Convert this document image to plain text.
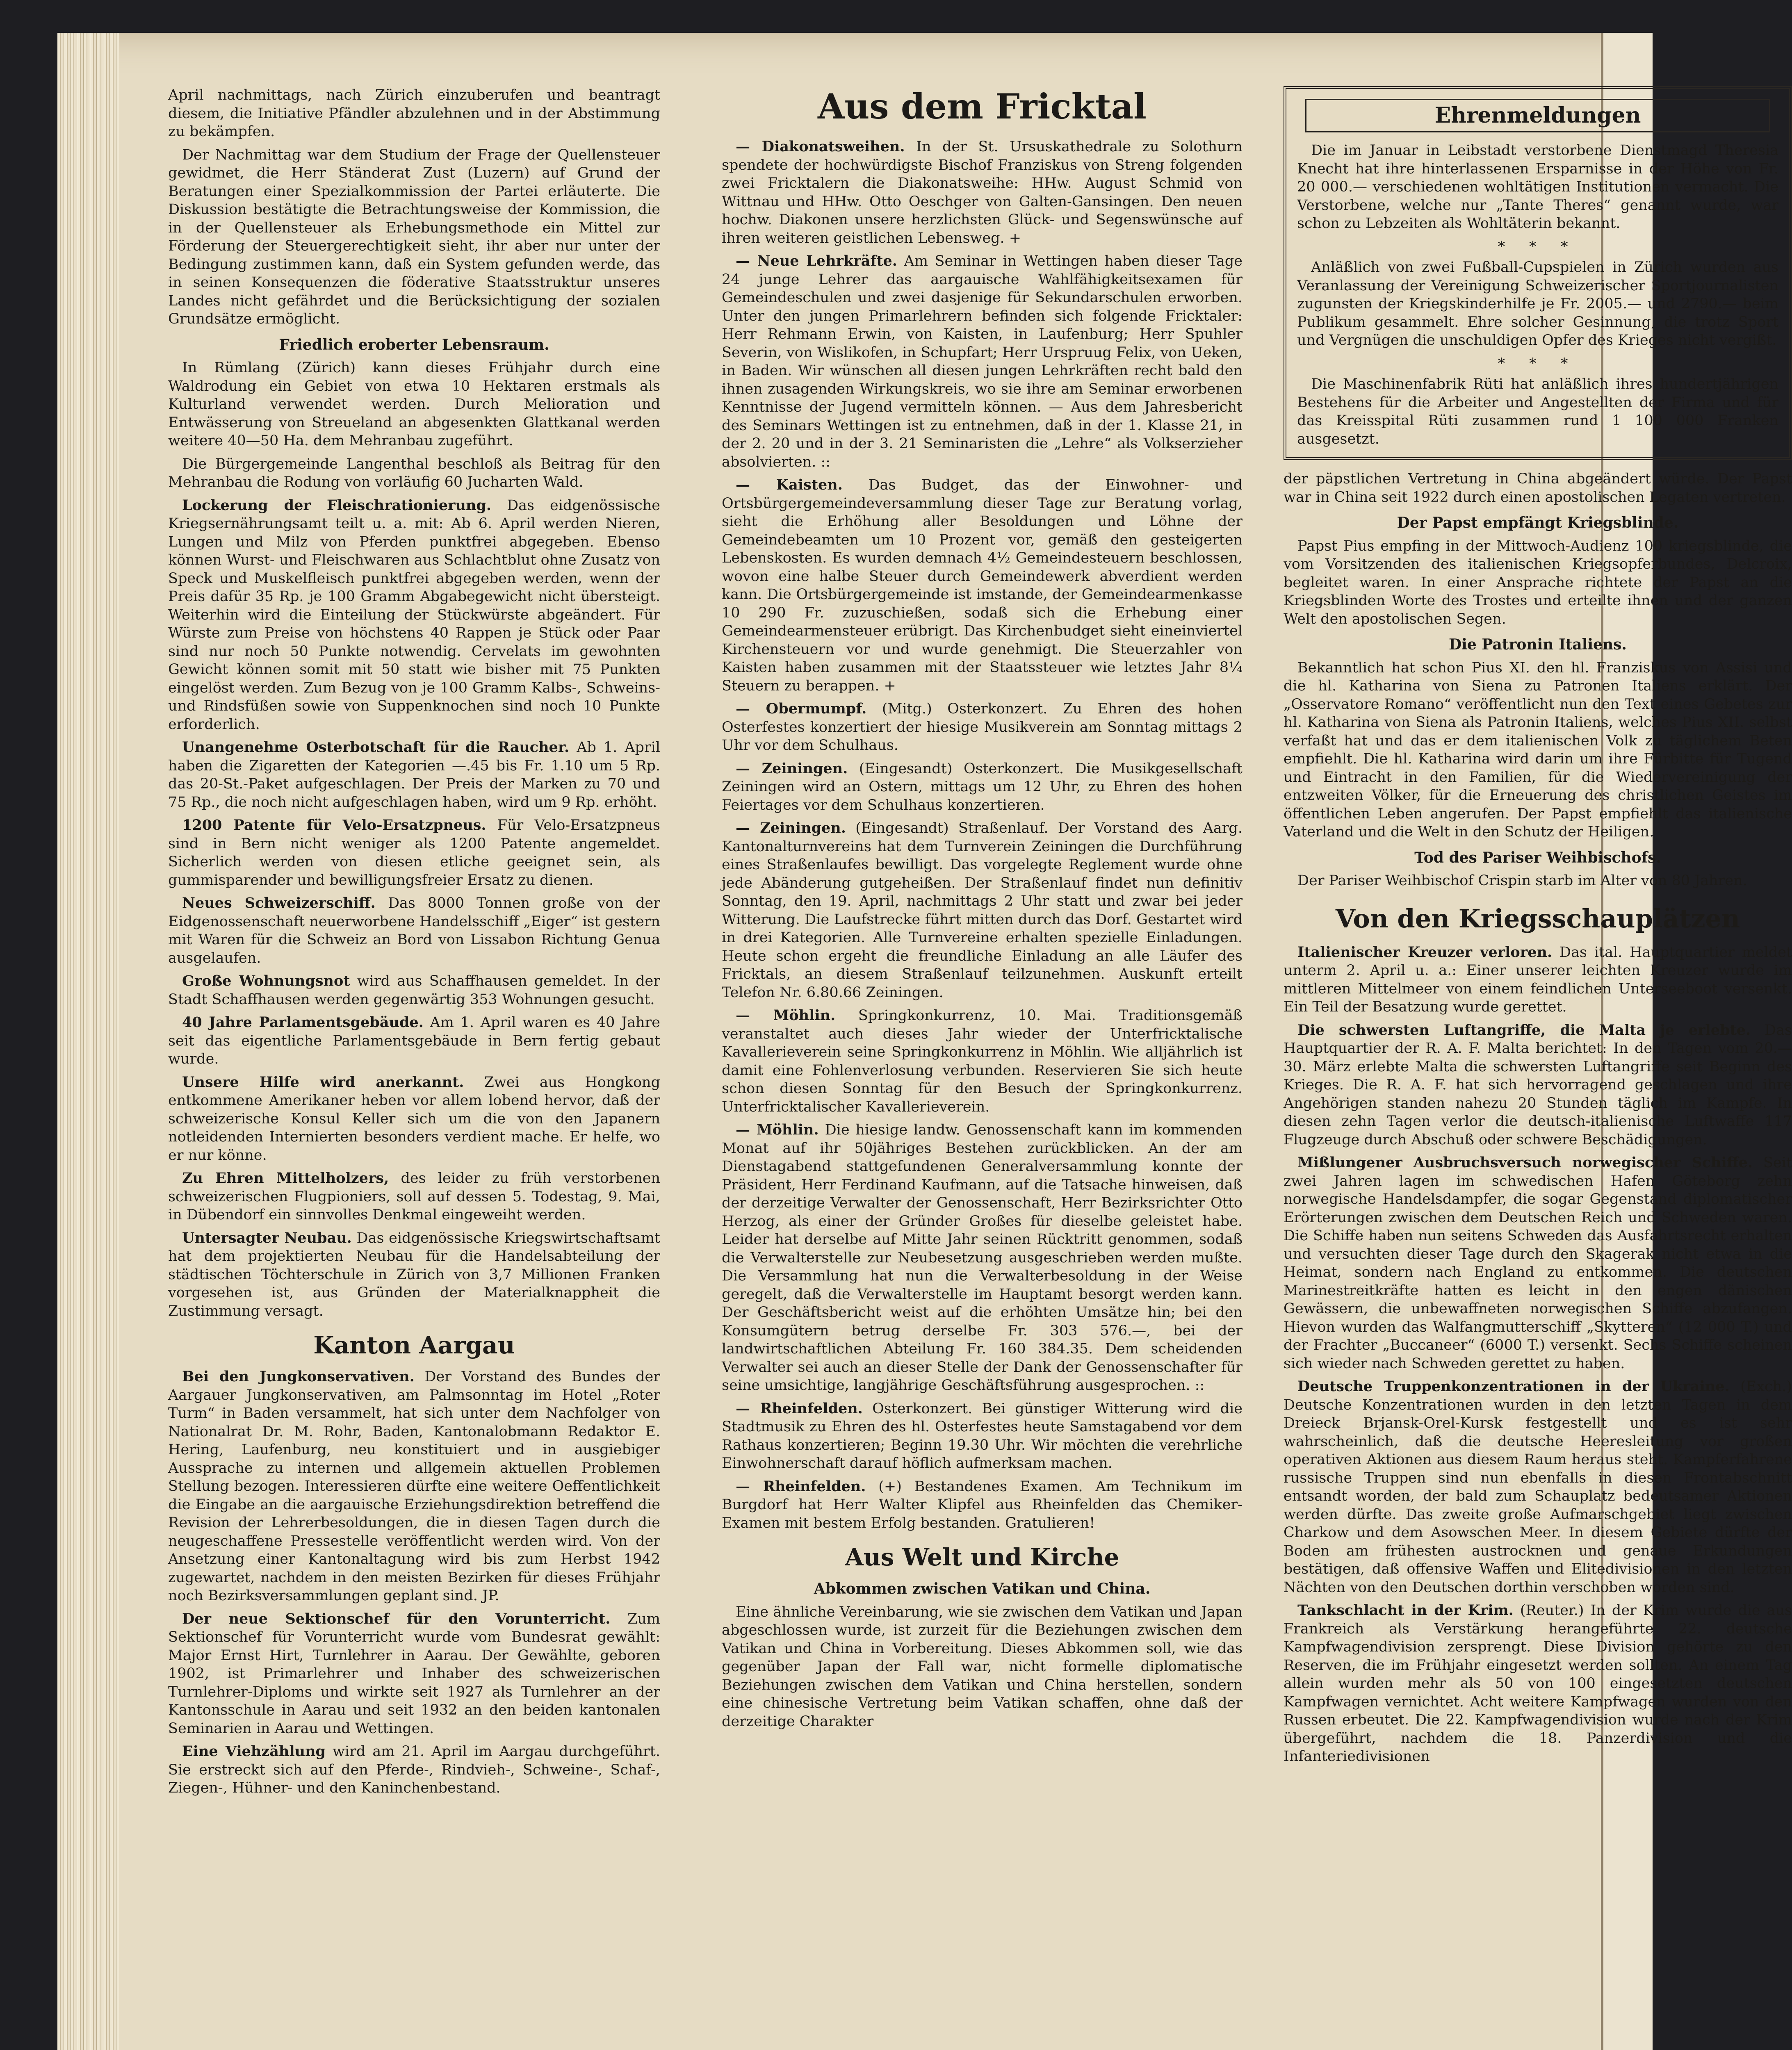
April nachmittags, nach Zürich einzuberufen und beantragt diesem, die Initiative Pfändler abzulehnen und in der Abstimmung zu bekämpfen.

Der Nachmittag war dem Studium der Frage der Quellensteuer gewidmet, die Herr Ständerat Zust (Luzern) auf Grund der Beratungen einer Spezialkommission der Partei erläuterte. Die Diskussion bestätigte die Betrachtungsweise der Kommission, die in der Quellensteuer als Erhebungsmethode ein Mittel zur Förderung der Steuergerechtigkeit sieht, ihr aber nur unter der Bedingung zustimmen kann, daß ein System gefunden werde, das in seinen Konsequenzen die föderative Staatsstruktur unseres Landes nicht gefährdet und die Berücksichtigung der sozialen Grundsätze ermöglicht.

Friedlich eroberter Lebensraum.

In Rümlang (Zürich) kann dieses Frühjahr durch eine Waldrodung ein Gebiet von etwa 10 Hektaren erstmals als Kulturland verwendet werden. Durch Melioration und Entwässerung von Streueland an abgesenkten Glattkanal werden weitere 40—50 Ha. dem Mehranbau zugeführt.

Die Bürgergemeinde Langenthal beschloß als Beitrag für den Mehranbau die Rodung von vorläufig 60 Jucharten Wald.

Lockerung der Fleischrationierung. Das eidgenössische Kriegsernährungsamt teilt u. a. mit: Ab 6. April werden Nieren, Lungen und Milz von Pferden punktfrei abgegeben. Ebenso können Wurst- und Fleischwaren aus Schlachtblut ohne Zusatz von Speck und Muskelfleisch punktfrei abgegeben werden, wenn der Preis dafür 35 Rp. je 100 Gramm Abgabegewicht nicht übersteigt. Weiterhin wird die Einteilung der Stückwürste abgeändert. Für Würste zum Preise von höchstens 40 Rappen je Stück oder Paar sind nur noch 50 Punkte notwendig. Cervelats im gewohnten Gewicht können somit mit 50 statt wie bisher mit 75 Punkten eingelöst werden. Zum Bezug von je 100 Gramm Kalbs-, Schweins- und Rindsfüßen sowie von Suppenknochen sind noch 10 Punkte erforderlich.

Unangenehme Osterbotschaft für die Raucher. Ab 1. April haben die Zigaretten der Kategorien —.45 bis Fr. 1.10 um 5 Rp. das 20-St.-Paket aufgeschlagen. Der Preis der Marken zu 70 und 75 Rp., die noch nicht aufgeschlagen haben, wird um 9 Rp. erhöht.

1200 Patente für Velo-Ersatzpneus. Für Velo-Ersatzpneus sind in Bern nicht weniger als 1200 Patente angemeldet. Sicherlich werden von diesen etliche geeignet sein, als gummisparender und bewilligungsfreier Ersatz zu dienen.

Neues Schweizerschiff. Das 8000 Tonnen große von der Eidgenossenschaft neuerworbene Handelsschiff „Eiger“ ist gestern mit Waren für die Schweiz an Bord von Lissabon Richtung Genua ausgelaufen.

Große Wohnungsnot wird aus Schaffhausen gemeldet. In der Stadt Schaffhausen werden gegenwärtig 353 Wohnungen gesucht.

40 Jahre Parlamentsgebäude. Am 1. April waren es 40 Jahre seit das eigentliche Parlamentsgebäude in Bern fertig gebaut wurde.

Unsere Hilfe wird anerkannt. Zwei aus Hongkong entkommene Amerikaner heben vor allem lobend hervor, daß der schweizerische Konsul Keller sich um die von den Japanern notleidenden Internierten besonders verdient mache. Er helfe, wo er nur könne.

Zu Ehren Mittelholzers, des leider zu früh verstorbenen schweizerischen Flugpioniers, soll auf dessen 5. Todestag, 9. Mai, in Dübendorf ein sinnvolles Denkmal eingeweiht werden.

Untersagter Neubau. Das eidgenössische Kriegswirtschaftsamt hat dem projektierten Neubau für die Handelsabteilung der städtischen Töchterschule in Zürich von 3,7 Millionen Franken vorgesehen ist, aus Gründen der Materialknappheit die Zustimmung versagt.

Kanton Aargau

Bei den Jungkonservativen. Der Vorstand des Bundes der Aargauer Jungkonservativen, am Palmsonntag im Hotel „Roter Turm“ in Baden versammelt, hat sich unter dem Nachfolger von Nationalrat Dr. M. Rohr, Baden, Kantonalobmann Redaktor E. Hering, Laufenburg, neu konstituiert und in ausgiebiger Aussprache zu internen und allgemein aktuellen Problemen Stellung bezogen. Interessieren dürfte eine weitere Oeffentlichkeit die Eingabe an die aargauische Erziehungsdirektion betreffend die Revision der Lehrerbesoldungen, die in diesen Tagen durch die neugeschaffene Pressestelle veröffentlicht werden wird. Von der Ansetzung einer Kantonaltagung wird bis zum Herbst 1942 zugewartet, nachdem in den meisten Bezirken für dieses Frühjahr noch Bezirksversammlungen geplant sind. JP.

Der neue Sektionschef für den Vorunterricht. Zum Sektionschef für Vorunterricht wurde vom Bundesrat gewählt: Major Ernst Hirt, Turnlehrer in Aarau. Der Gewählte, geboren 1902, ist Primarlehrer und Inhaber des schweizerischen Turnlehrer-Diploms und wirkte seit 1927 als Turnlehrer an der Kantonsschule in Aarau und seit 1932 an den beiden kantonalen Seminarien in Aarau und Wettingen.

Eine Viehzählung wird am 21. April im Aargau durchgeführt. Sie erstreckt sich auf den Pferde-, Rindvieh-, Schweine-, Schaf-, Ziegen-, Hühner- und den Kaninchenbestand.

Aus dem Fricktal

— Diakonatsweihen. In der St. Ursuskathedrale zu Solothurn spendete der hochwürdigste Bischof Franziskus von Streng folgenden zwei Fricktalern die Diakonatsweihe: HHw. August Schmid von Wittnau und HHw. Otto Oeschger von Galten-Gansingen. Den neuen hochw. Diakonen unsere herzlichsten Glück- und Segenswünsche auf ihren weiteren geistlichen Lebensweg. +

— Neue Lehrkräfte. Am Seminar in Wettingen haben dieser Tage 24 junge Lehrer das aargauische Wahlfähigkeitsexamen für Gemeindeschulen und zwei dasjenige für Sekundarschulen erworben. Unter den jungen Primarlehrern befinden sich folgende Fricktaler: Herr Rehmann Erwin, von Kaisten, in Laufenburg; Herr Spuhler Severin, von Wislikofen, in Schupfart; Herr Urspruug Felix, von Ueken, in Baden. Wir wünschen all diesen jungen Lehrkräften recht bald den ihnen zusagenden Wirkungskreis, wo sie ihre am Seminar erworbenen Kenntnisse der Jugend vermitteln können. — Aus dem Jahresbericht des Seminars Wettingen ist zu entnehmen, daß in der 1. Klasse 21, in der 2. 20 und in der 3. 21 Seminaristen die „Lehre“ als Volkserzieher absolvierten. ::

— Kaisten. Das Budget, das der Einwohner- und Ortsbürgergemeindeversammlung dieser Tage zur Beratung vorlag, sieht die Erhöhung aller Besoldungen und Löhne der Gemeindebeamten um 10 Prozent vor, gemäß den gesteigerten Lebenskosten. Es wurden demnach 4½ Gemeindesteuern beschlossen, wovon eine halbe Steuer durch Gemeindewerk abverdient werden kann. Die Ortsbürgergemeinde ist imstande, der Gemeindearmenkasse 10 290 Fr. zuzuschießen, sodaß sich die Erhebung einer Gemeindearmensteuer erübrigt. Das Kirchenbudget sieht eineinviertel Kirchensteuern vor und wurde genehmigt. Die Steuerzahler von Kaisten haben zusammen mit der Staatssteuer wie letztes Jahr 8¼ Steuern zu berappen. +

— Obermumpf. (Mitg.) Osterkonzert. Zu Ehren des hohen Osterfestes konzertiert der hiesige Musikverein am Sonntag mittags 2 Uhr vor dem Schulhaus.

— Zeiningen. (Eingesandt) Osterkonzert. Die Musikgesellschaft Zeiningen wird an Ostern, mittags um 12 Uhr, zu Ehren des hohen Feiertages vor dem Schulhaus konzertieren.

— Zeiningen. (Eingesandt) Straßenlauf. Der Vorstand des Aarg. Kantonalturnvereins hat dem Turnverein Zeiningen die Durchführung eines Straßenlaufes bewilligt. Das vorgelegte Reglement wurde ohne jede Abänderung gutgeheißen. Der Straßenlauf findet nun definitiv Sonntag, den 19. April, nachmittags 2 Uhr statt und zwar bei jeder Witterung. Die Laufstrecke führt mitten durch das Dorf. Gestartet wird in drei Kategorien. Alle Turnvereine erhalten spezielle Einladungen. Heute schon ergeht die freundliche Einladung an alle Läufer des Fricktals, an diesem Straßenlauf teilzunehmen. Auskunft erteilt Telefon Nr. 6.80.66 Zeiningen.

— Möhlin. Springkonkurrenz, 10. Mai. Traditionsgemäß veranstaltet auch dieses Jahr wieder der Unterfricktalische Kavallerieverein seine Springkonkurrenz in Möhlin. Wie alljährlich ist damit eine Fohlenverlosung verbunden. Reservieren Sie sich heute schon diesen Sonntag für den Besuch der Springkonkurrenz. Unterfricktalischer Kavallerieverein.

— Möhlin. Die hiesige landw. Genossenschaft kann im kommenden Monat auf ihr 50jähriges Bestehen zurückblicken. An der am Dienstagabend stattgefundenen Generalversammlung konnte der Präsident, Herr Ferdinand Kaufmann, auf die Tatsache hinweisen, daß der derzeitige Verwalter der Genossenschaft, Herr Bezirksrichter Otto Herzog, als einer der Gründer Großes für dieselbe geleistet habe. Leider hat derselbe auf Mitte Jahr seinen Rücktritt genommen, sodaß die Verwalterstelle zur Neubesetzung ausgeschrieben werden mußte. Die Versammlung hat nun die Verwalterbesoldung in der Weise geregelt, daß die Verwalterstelle im Hauptamt besorgt werden kann. Der Geschäftsbericht weist auf die erhöhten Umsätze hin; bei den Konsumgütern betrug derselbe Fr. 303 576.—, bei der landwirtschaftlichen Abteilung Fr. 160 384.35. Dem scheidenden Verwalter sei auch an dieser Stelle der Dank der Genossenschafter für seine umsichtige, langjährige Geschäftsführung ausgesprochen. ::

— Rheinfelden. Osterkonzert. Bei günstiger Witterung wird die Stadtmusik zu Ehren des hl. Osterfestes heute Samstagabend vor dem Rathaus konzertieren; Beginn 19.30 Uhr. Wir möchten die verehrliche Einwohnerschaft darauf höflich aufmerksam machen.

— Rheinfelden. (+) Bestandenes Examen. Am Technikum im Burgdorf hat Herr Walter Klipfel aus Rheinfelden das Chemiker-Examen mit bestem Erfolg bestanden. Gratulieren!

Aus Welt und Kirche
Abkommen zwischen Vatikan und China.

Eine ähnliche Vereinbarung, wie sie zwischen dem Vatikan und Japan abgeschlossen wurde, ist zurzeit für die Beziehungen zwischen dem Vatikan und China in Vorbereitung. Dieses Abkommen soll, wie das gegenüber Japan der Fall war, nicht formelle diplomatische Beziehungen zwischen dem Vatikan und China herstellen, sondern eine chinesische Vertretung beim Vatikan schaffen, ohne daß der derzeitige Charakter

Ehrenmeldungen

Die im Januar in Leibstadt verstorbene Dienstmagd Theresia Knecht hat ihre hinterlassenen Ersparnisse in der Höhe von Fr. 20 000.— verschiedenen wohltätigen Institutionen vermacht. Die Verstorbene, welche nur „Tante Theres“ genannt wurde, war schon zu Lebzeiten als Wohltäterin bekannt.

* * *

Anläßlich von zwei Fußball-Cupspielen in Zürich wurden aus Veranlassung der Vereinigung Schweizerischer Sportjournalisten zugunsten der Kriegskinderhilfe je Fr. 2005.— und 2790.— beim Publikum gesammelt. Ehre solcher Gesinnung, die trotz Sport und Vergnügen die unschuldigen Opfer des Krieges nicht vergißt.

* * *

Die Maschinenfabrik Rüti hat anläßlich ihres hundertjährigen Bestehens für die Arbeiter und Angestellten der Firma und für das Kreisspital Rüti zusammen rund 1 100 000 Franken ausgesetzt.

der päpstlichen Vertretung in China abgeändert würde. Der Papst war in China seit 1922 durch einen apostolischen Legaten vertreten.

Der Papst empfängt Kriegsblinde.

Papst Pius empfing in der Mittwoch-Audienz 100 kriegsblinde, die vom Vorsitzenden des italienischen Kriegsopferbundes, Delcroix, begleitet waren. In einer Ansprache richtete der Papst an die Kriegsblinden Worte des Trostes und erteilte ihnen und der ganzen Welt den apostolischen Segen.

Die Patronin Italiens.

Bekanntlich hat schon Pius XI. den hl. Franziskus von Assisi und die hl. Katharina von Siena zu Patronen Italiens erklärt. Der „Osservatore Romano“ veröffentlicht nun den Text eines Gebetes zur hl. Katharina von Siena als Patronin Italiens, welches Pius XII. selbst verfaßt hat und das er dem italienischen Volk zu täglichem Beten empfiehlt. Die hl. Katharina wird darin um ihre Fürbitte für Tugend und Eintracht in den Familien, für die Wiedervereinigung der entzweiten Völker, für die Erneuerung des christlichen Geistes im öffentlichen Leben angerufen. Der Papst empfiehlt das italienische Vaterland und die Welt in den Schutz der Heiligen.

Tod des Pariser Weihbischofs.

Der Pariser Weihbischof Crispin starb im Alter von 80 Jahren.

Von den Kriegsschauplätzen

Italienischer Kreuzer verloren. Das ital. Hauptquartier meldet unterm 2. April u. a.: Einer unserer leichten Kreuzer wurde im mittleren Mittelmeer von einem feindlichen Unterseeboot versenkt. Ein Teil der Besatzung wurde gerettet.

Die schwersten Luftangriffe, die Malta je erlebte. Das Hauptquartier der R. A. F. Malta berichtet: In den Tagen vom 20.—30. März erlebte Malta die schwersten Luftangriffe seit Beginn des Krieges. Die R. A. F. hat sich hervorragend geschlagen und ihre Angehörigen standen nahezu 20 Stunden täglich im Kampfe. In diesen zehn Tagen verlor die deutsch-italienische Luftwaffe 117 Flugzeuge durch Abschuß oder schwere Beschädigungen.

Mißlungener Ausbruchsversuch norwegischer Schiffe. Seit zwei Jahren lagen im schwedischen Hafen Göteborg zehn norwegische Handelsdampfer, die sogar Gegenstand diplomatischer Erörterungen zwischen dem Deutschen Reich und Schweden waren. Die Schiffe haben nun seitens Schweden das Ausfahrtsrecht erhalten und versuchten dieser Tage durch den Skagerak nicht etwa in die Heimat, sondern nach England zu entkommen. Die deutschen Marinestreitkräfte hatten es leicht in den engen dänischen Gewässern, die unbewaffneten norwegischen Schiffe abzufangen. Hievon wurden das Walfangmutterschiff „Skytteren“ (12 000 T.) und der Frachter „Buccaneer“ (6000 T.) versenkt. Sechs Schiffe scheinen sich wieder nach Schweden gerettet zu haben.

Deutsche Truppenkonzentrationen in der Ukraine. (Exch.) Deutsche Konzentrationen wurden in den letzten Tagen in dem Dreieck Brjansk-Orel-Kursk festgestellt und es ist sehr wahrscheinlich, daß die deutsche Heeresleitung vor großen operativen Aktionen aus diesem Raum heraus steht. Kampferfahrene russische Truppen sind nun ebenfalls in diesen Frontabschnitt entsandt worden, der bald zum Schauplatz bedeutsamer Aktionen werden dürfte. Das zweite große Aufmarschgebiet liegt zwischen Charkow und dem Asowschen Meer. In diesem Gebiete dürfte der Boden am frühesten austrocknen und genaue Erkundungen bestätigen, daß offensive Waffen und Elitedivisionen in den letzten Nächten von den Deutschen dorthin verschoben worden sind.

Tankschlacht in der Krim. (Reuter.) In der Krim wurde die aus Frankreich als Verstärkung herangeführte 22. deutsche Kampfwagendivision zersprengt. Diese Division gehörte zu den Reserven, die im Frühjahr eingesetzt werden sollten. An einem Tag allein wurden mehr als 50 von 100 eingesetzten deutschen Kampfwagen vernichtet. Acht weitere Kampfwagen wurden von den Russen erbeutet. Die 22. Kampfwagendivision wurde nach der Krim übergeführt, nachdem die 18. Panzerdivision und die Infanteriedivisionen
